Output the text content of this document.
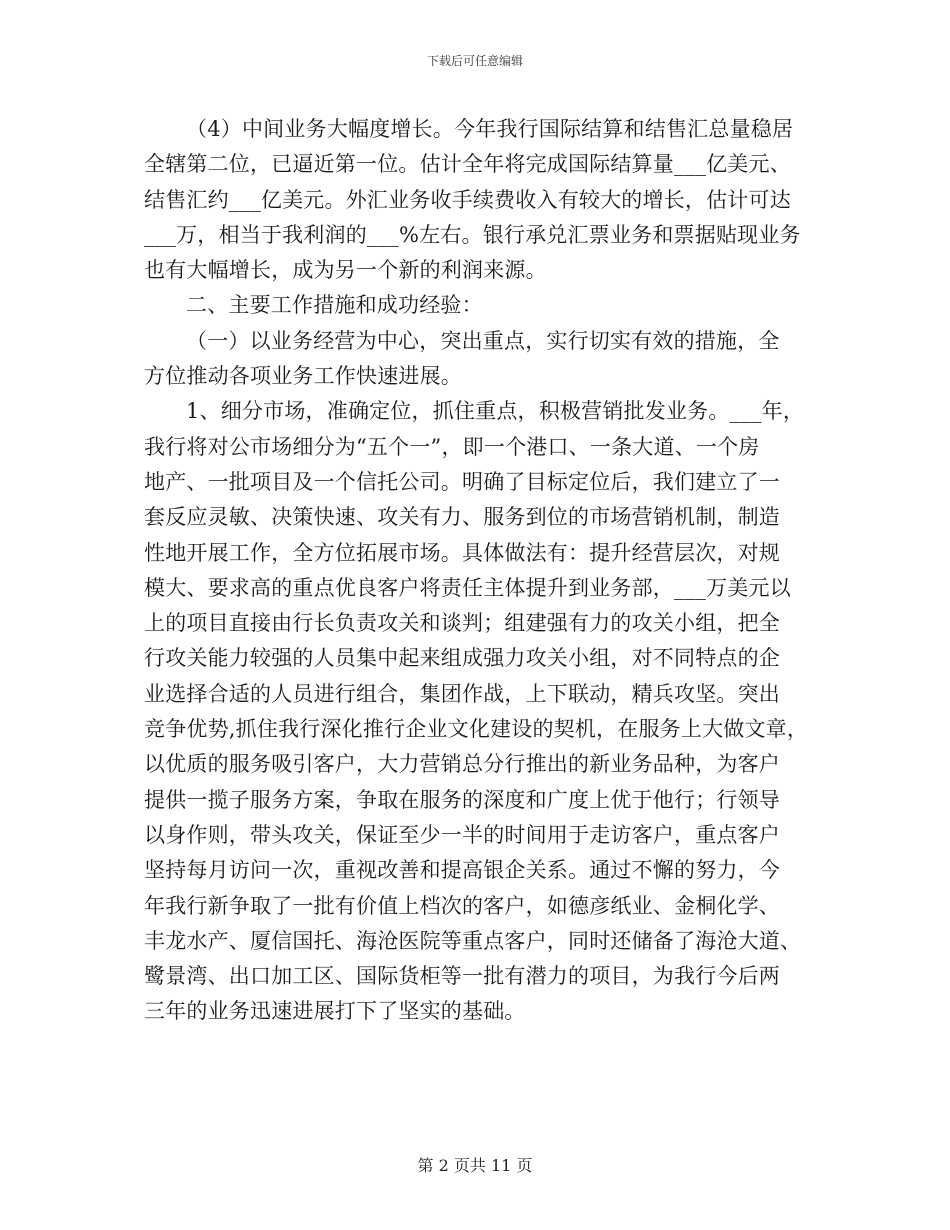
下载后可任意编辑
（4）中间业务大幅度增长。今年我行国际结算和结售汇总量稳居
全辖第二位，已逼近第一位。估计全年将完成国际结算量___亿美元、
结售汇约___亿美元。外汇业务收手续费收入有较大的增长，估计可达
___万，相当于我利润的___%左右。银行承兑汇票业务和票据贴现业务
也有大幅增长，成为另一个新的利润来源。
二、主要工作措施和成功经验：
（一）以业务经营为中心，突出重点，实行切实有效的措施，全
方位推动各项业务工作快速进展。
1、细分市场，准确定位，抓住重点，积极营销批发业务。___年，
我行将对公市场细分为“五个一”，即一个港口、一条大道、一个房
地产、一批项目及一个信托公司。明确了目标定位后，我们建立了一
套反应灵敏、决策快速、攻关有力、服务到位的市场营销机制，制造
性地开展工作，全方位拓展市场。具体做法有：提升经营层次，对规
模大、要求高的重点优良客户将责任主体提升到业务部，___万美元以
上的项目直接由行长负责攻关和谈判；组建强有力的攻关小组，把全
行攻关能力较强的人员集中起来组成强力攻关小组，对不同特点的企
业选择合适的人员进行组合，集团作战，上下联动，精兵攻坚。突出
竞争优势,抓住我行深化推行企业文化建设的契机，在服务上大做文章，
以优质的服务吸引客户，大力营销总分行推出的新业务品种，为客户
提供一揽子服务方案，争取在服务的深度和广度上优于他行；行领导
以身作则，带头攻关，保证至少一半的时间用于走访客户，重点客户
坚持每月访问一次，重视改善和提高银企关系。通过不懈的努力，今
年我行新争取了一批有价值上档次的客户，如德彦纸业、金桐化学、
丰龙水产、厦信国托、海沧医院等重点客户，同时还储备了海沧大道、
鹭景湾、出口加工区、国际货柜等一批有潜力的项目，为我行今后两
三年的业务迅速进展打下了坚实的基础。
第 2 页共 11 页
